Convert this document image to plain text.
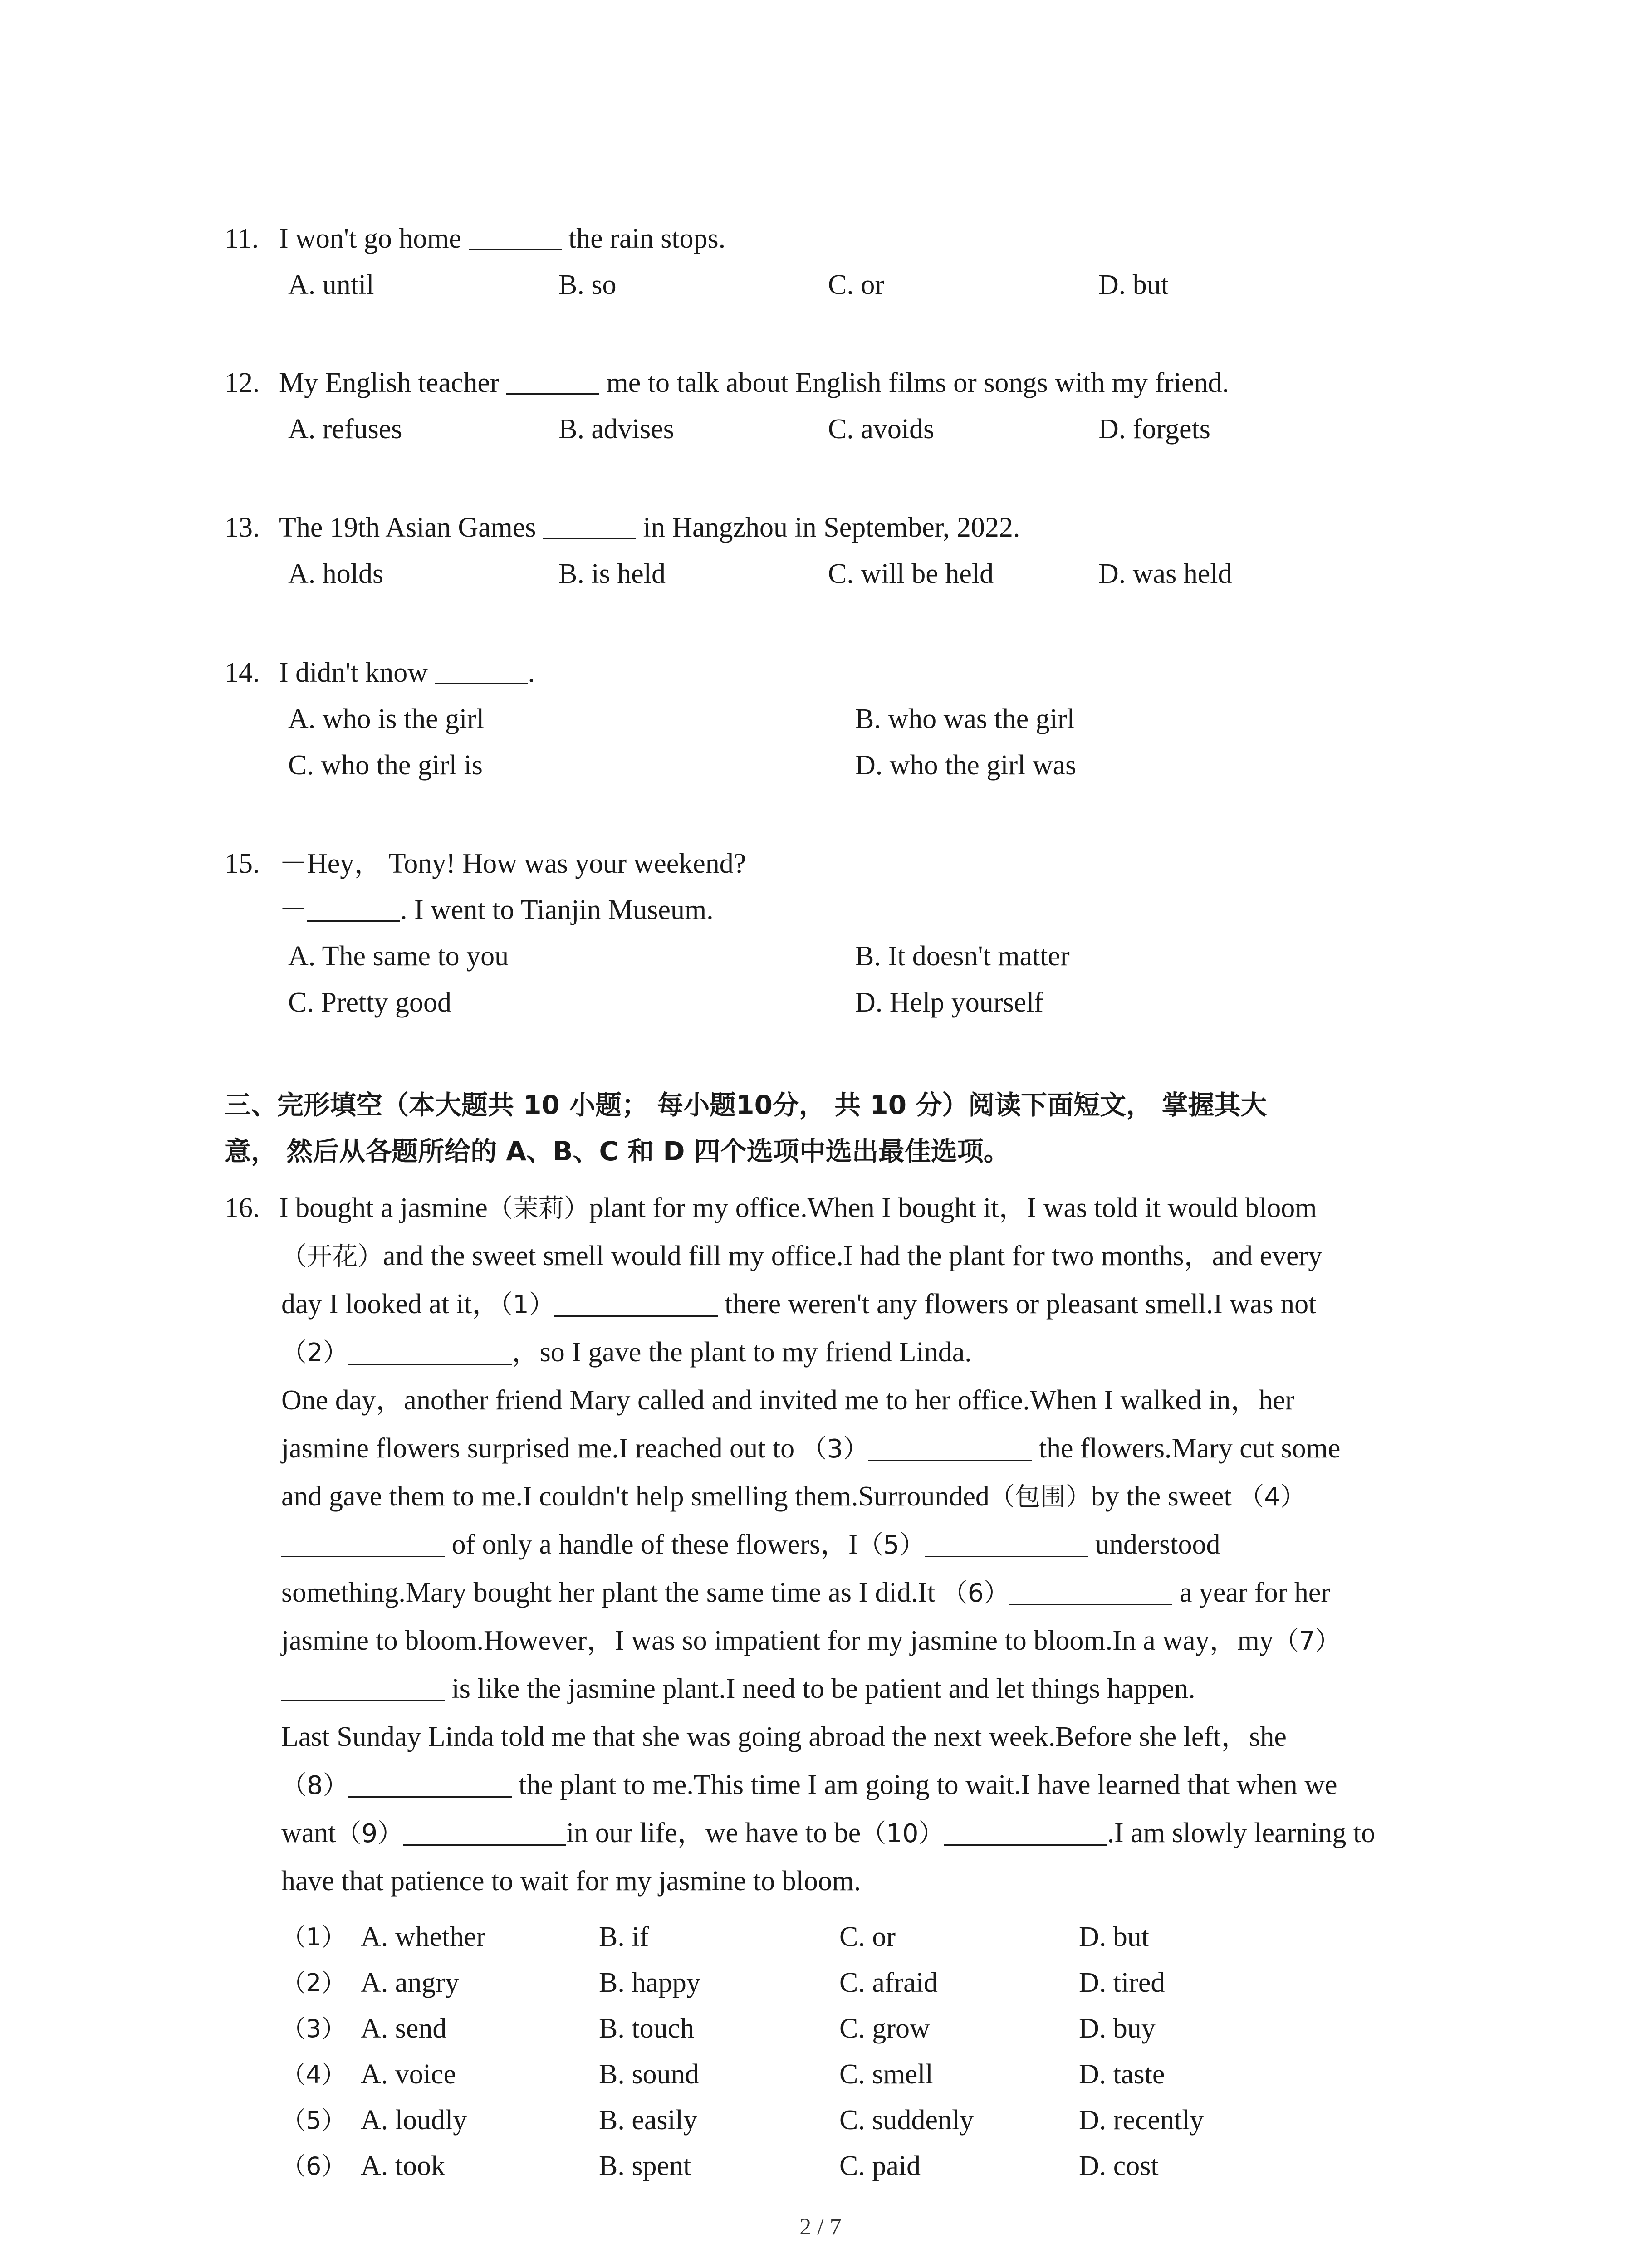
11. I won't go home	the rain stops.
A. until	B. so	C. or	D. but
12. My English teacher	me to talk about English films or songs with my friend.
A. refuses	B. advises	C. avoids	D. forgets
13. The 19th Asian Games	in Hangzhou in September, 2022.
A. holds	B. is held	C. will be held	D. was held
14. I didn't know	.
A. who is the girl	B. who was the girl
C. who the girl is	D. who the girl was
15. －Hey， Tony! How was your weekend?
－	. I went to Tianjin Museum.
A. The same to you	B. It doesn't matter
C. Pretty good	D. Help yourself
三、完形填空（本大题共 10 小题； 每小题10分， 共 10 分）阅读下面短文， 掌握其大
意， 然后从各题所给的 A、B、C 和 D 四个选项中选出最佳选项。
16. I bought a jasmine（茉莉）plant for my office.When I bought it，I was told it would bloom
（开花）and the sweet smell would fill my office.I had the plant for two months，and every
day I looked at it，（1）	there weren't any flowers or pleasant smell.I was not
（2）	，so I gave the plant to my friend Linda.
One day，another friend Mary called and invited me to her office.When I walked in，her
jasmine flowers surprised me.I reached out to （3）	the flowers.Mary cut some
and gave them to me.I couldn't help smelling them.Surrounded（包围）by the sweet （4）
of only a handle of these flowers，I（5）	understood
something.Mary bought her plant the same time as I did.It （6）	a year for her
jasmine to bloom.However，I was so impatient for my jasmine to bloom.In a way，my（7）
is like the jasmine plant.I need to be patient and let things happen.
Last Sunday Linda told me that she was going abroad the next week.Before she left，she
（8）	the plant to me.This time I am going to wait.I have learned that when we
want（9）	in our life，we have to be（10）	.I am slowly learning to
have that patience to wait for my jasmine to bloom.
（1） A. whether	B. if	C. or	D. but
（2） A. angry	B. happy	C. afraid	D. tired
（3） A. send	B. touch	C. grow	D. buy
（4） A. voice	B. sound	C. smell	D. taste
（5） A. loudly	B. easily	C. suddenly	D. recently
（6） A. took	B. spent	C. paid	D. cost
2 / 7
